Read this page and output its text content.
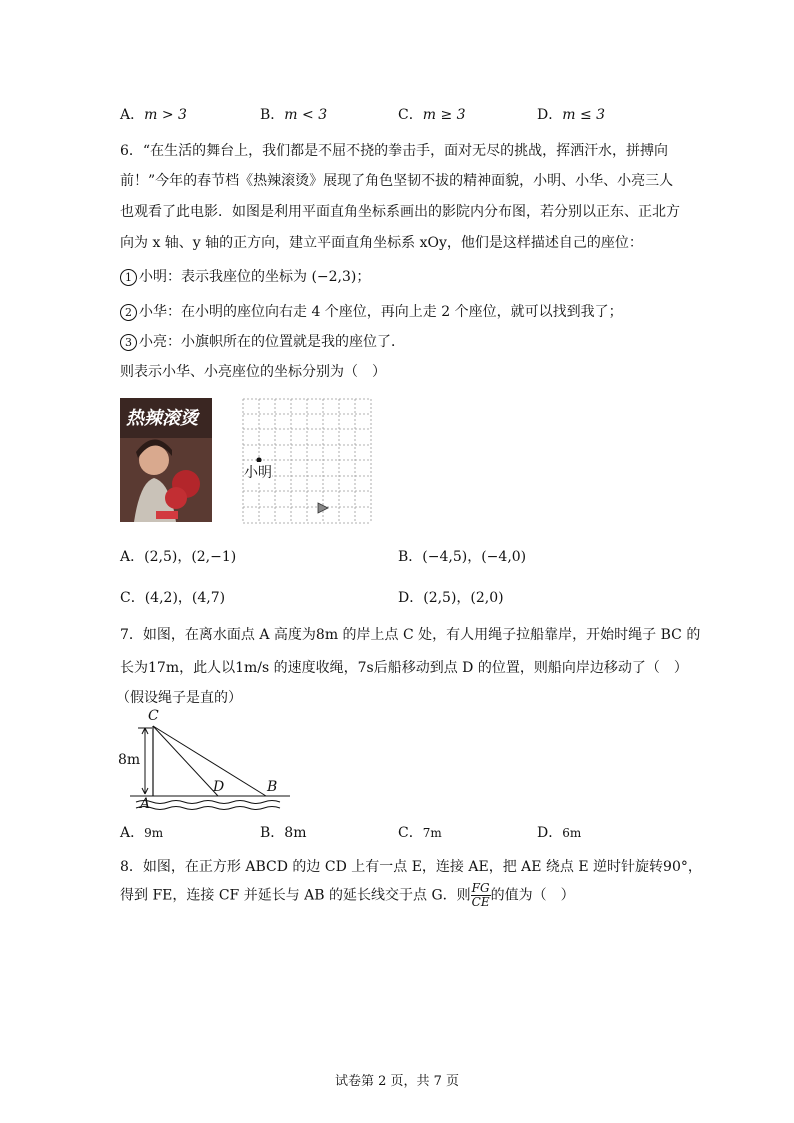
A．m > 3	B．m < 3	C．m ≥ 3	D．m ≤ 3
6．“在生活的舞台上，我们都是不屈不挠的拳击手，面对无尽的挑战，挥洒汗水，拼搏向
前！”今年的春节档《热辣滚烫》展现了角色坚韧不拔的精神面貌，小明、小华、小亮三人
也观看了此电影．如图是利用平面直角坐标系画出的影院内分布图，若分别以正东、正北方
向为 x 轴、y 轴的正方向，建立平面直角坐标系 xOy，他们是这样描述自己的座位：
1 小明：表示我座位的坐标为 (−2,3)；
2 小华：在小明的座位向右走 4 个座位，再向上走 2 个座位，就可以找到我了；
3 小亮：小旗帜所在的位置就是我的座位了．
则表示小华、小亮座位的坐标分别为（　）
热辣滚烫
小明
A．(2,5)，(2,−1)	B．(−4,5)，(−4,0)
C．(4,2)，(4,7)	D．(2,5)，(2,0)
7．如图，在离水面点 A 高度为8m 的岸上点 C 处，有人用绳子拉船靠岸，开始时绳子 BC 的
长为17m，此人以1m/s 的速度收绳，7s后船移动到点 D 的位置，则船向岸边移动了（　）
（假设绳子是直的）
C
8m
A
D	B
A．9m	B．8m	C．7m	D．6m
8．如图，在正方形 ABCD 的边 CD 上有一点 E，连接 AE，把 AE 绕点 E 逆时针旋转90°，
得到 FE，连接 CF 并延长与 AB 的延长线交于点 G．则 $\frac{FG}{CE}$的值为（　）
试卷第 2 页，共 7 页
